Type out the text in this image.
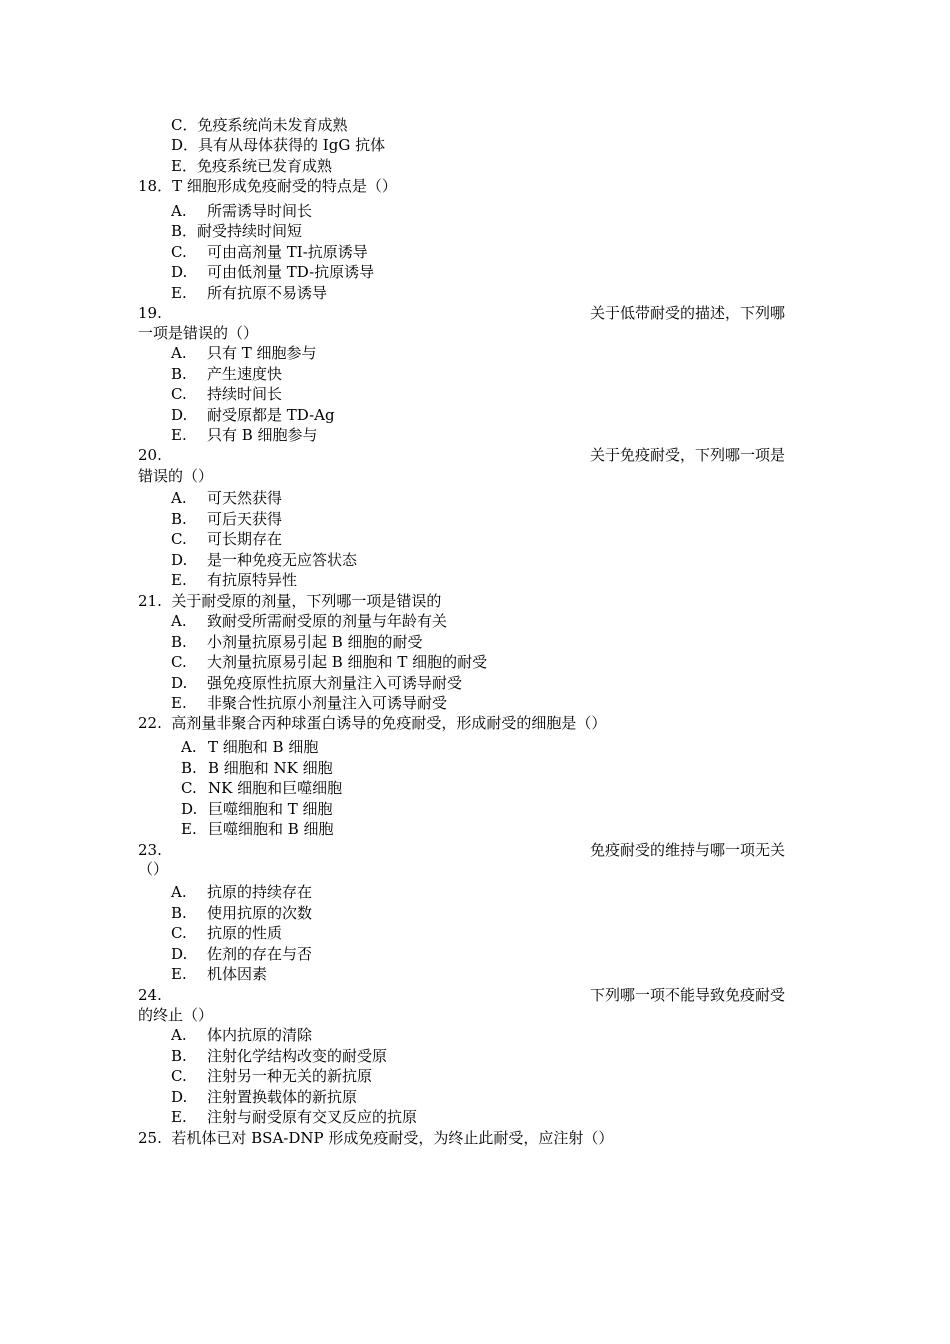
C．免疫系统尚未发育成熟
D．具有从母体获得的 IgG 抗体
E．免疫系统已发育成熟
18．T 细胞形成免疫耐受的特点是（）
A. 所需诱导时间长
B．耐受持续时间短
C. 可由高剂量 TI-抗原诱导
D. 可由低剂量 TD-抗原诱导
E. 所有抗原不易诱导
19.	关于低带耐受的描述，下列哪
一项是错误的（）
A. 只有 T 细胞参与
B. 产生速度快
C. 持续时间长
D. 耐受原都是 TD-Ag
E. 只有 B 细胞参与
20.	关于免疫耐受，下列哪一项是
错误的（）
A. 可天然获得
B. 可后天获得
C. 可长期存在
D. 是一种免疫无应答状态
E. 有抗原特异性
21.  关于耐受原的剂量，下列哪一项是错误的
A. 致耐受所需耐受原的剂量与年龄有关
B. 小剂量抗原易引起 B 细胞的耐受
C. 大剂量抗原易引起 B 细胞和 T 细胞的耐受
D. 强免疫原性抗原大剂量注入可诱导耐受
E. 非聚合性抗原小剂量注入可诱导耐受
22.  高剂量非聚合丙种球蛋白诱导的免疫耐受，形成耐受的细胞是（）
A. T 细胞和 B 细胞
B. B 细胞和 NK 细胞
C. NK 细胞和巨噬细胞
D. 巨噬细胞和 T 细胞
E. 巨噬细胞和 B 细胞
23.	免疫耐受的维持与哪一项无关
（）
A. 抗原的持续存在
B. 使用抗原的次数
C. 抗原的性质
D. 佐剂的存在与否
E. 机体因素
24.	下列哪一项不能导致免疫耐受
的终止（）
A. 体内抗原的清除
B. 注射化学结构改变的耐受原
C. 注射另一种无关的新抗原
D. 注射置换载体的新抗原
E. 注射与耐受原有交叉反应的抗原
25.  若机体已对 BSA-DNP 形成免疫耐受，为终止此耐受，应注射（）
